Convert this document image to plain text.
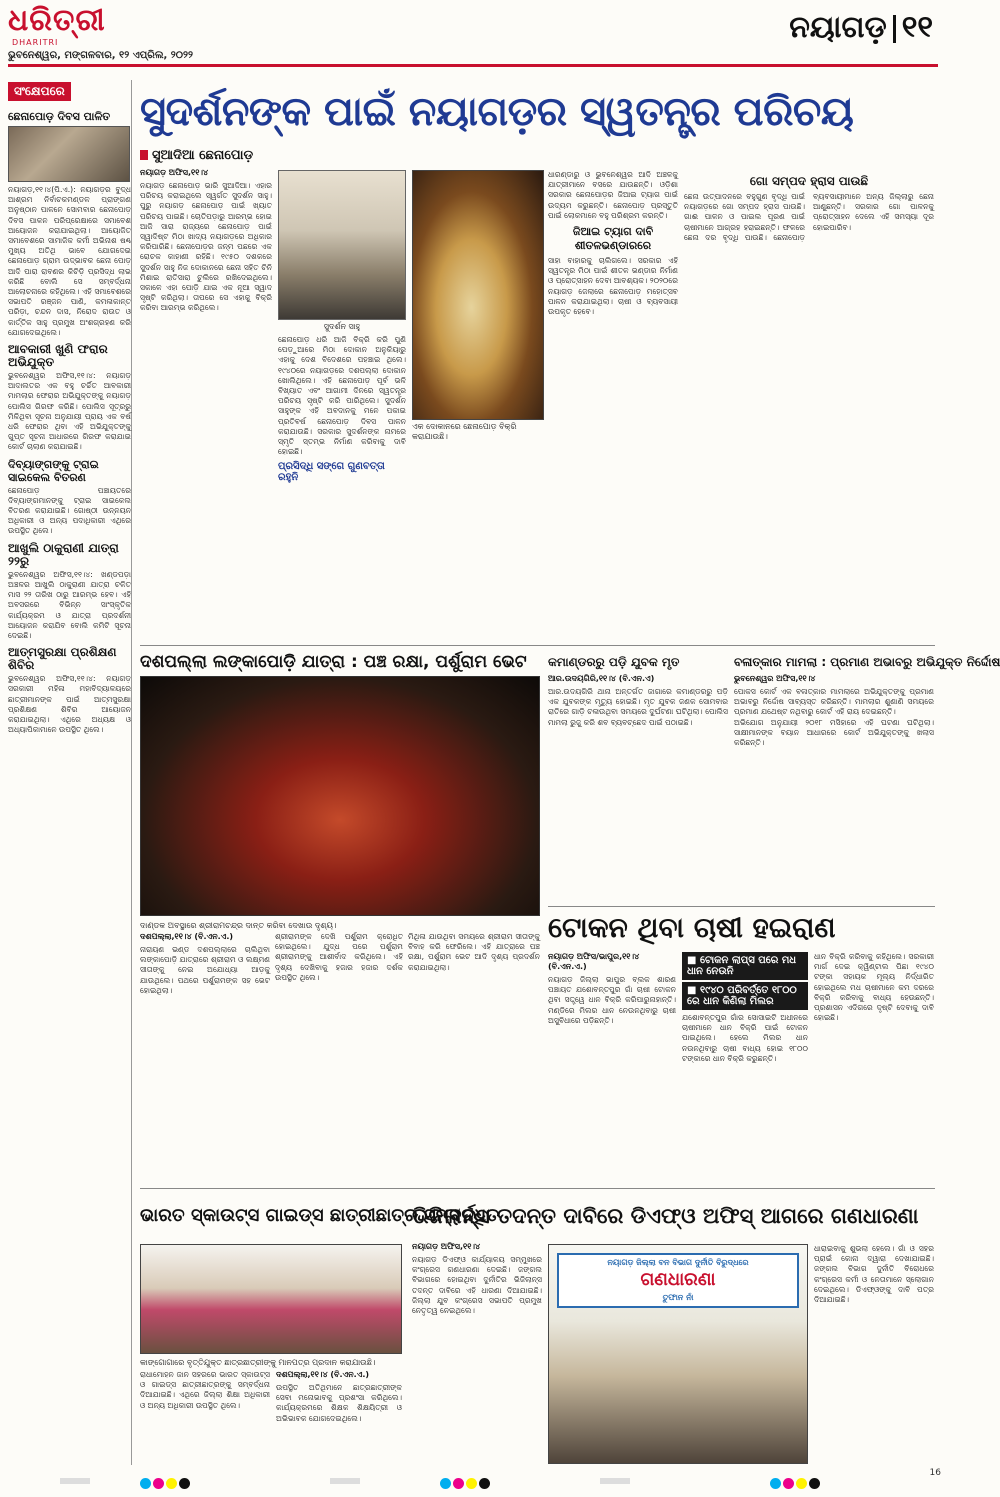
ଧରିତ୍ରୀ
DHARITRI
ଭୁବନେଶ୍ୱର, ମଙ୍ଗଳବାର, ୧୨ ଏପ୍ରିଲ, ୨୦୨୨
ନୟାଗଡ଼ ୧୧
ସଂକ୍ଷେପରେ
ଛେନାପୋଡ଼ ଦିବସ ପାଳିତ
ନୟାଗଡ଼,୧୧।୪(ପି.ଏ.): ନୟାଗଡ଼ର ବୁଦ୍ଧ ଆଶ୍ରମ ନିର୍ବାଚକମଣ୍ଡଳ ପ୍ରାଙ୍ଗଣ ଅନୁଷ୍ଠାନ ପାଳନେ ସୋମବାର ଛେନାପୋଡ଼ ଦିବସ ପାଳନ ପରିପ୍ରେକ୍ଷାରେ ସମାବେଶ ଆୟୋଜନ କରାଯାଇଥିଲା। ଆୟୋଜିତ ସମାବେଶରେ ସାମାଜିକ କର୍ମୀ ଅଭିନାଶ ଷଣ୍ଢ ମୁଖ୍ୟ ଅତିଥି ଭାବେ ଯୋଗଦେଇ ଛେନାପୋଡ଼ ଗ୍ରାମ ଉଦ୍ଭାବକ ଛେନା ପୋଡ଼ ଆଦି ପାରା ରାବଣର କିଚିଡ଼ି ପ୍ରସିଦ୍ଧ ଲାଭ କରିଛି ବୋଲି ସେ ସମ୍ବର୍ଦ୍ଧନା ଆଲୋଚନାରେ କହିଥିଲେ। ଏହି ସମାବେଶରେ ସଭାପତି ରଞ୍ଜନ ପାଣି, କମଳାକାନ୍ତ ପରିଡ଼ା, ଚନ୍ଦନ ଦାସ, ନିରୋଦ ରାଉତ ଓ କାର୍ତ୍ତିକ ସାହୁ ପ୍ରମୁଖ ଅଂଶଗ୍ରହଣ କରି ଯୋଗଦେଇଥିଲେ।
ଆବକାରୀ ଖୁଣି ଫରାର ଅଭିଯୁକ୍ତ
ଭୁବନେଶ୍ୱର ଅଫିସ,୧୧।୪: ନୟାଗଡ଼ ଆଦାଲତର ଏକ ବହୁ ଚର୍ଚ୍ଚିତ ଆବକାରୀ ମାମଲାର ଫେରାର ଅଭିଯୁକ୍ତଙ୍କୁ ନୟାଗଡ଼ ପୋଲିସ ଗିରଫ କରିଛି। ପୋଲିସ ସୂତ୍ରରୁ ମିଳିଥିବା ସୂଚନା ଅନୁଯାୟୀ ପ୍ରାୟ ଏକ ବର୍ଷ ଧରି ଫେରାର ଥିବା ଏହି ଅଭିଯୁକ୍ତଙ୍କୁ ଗୁପ୍ତ ସୂଚନା ଆଧାରରେ ଗିରଫ କରାଯାଇ କୋର୍ଟ ଚାଲାଣ କରାଯାଇଛି।
ଦିବ୍ୟାଙ୍ଗଙ୍କୁ ଟ୍ରାଇ ସାଇକେଲ ବିତରଣ
ଛେନାପୋଡ଼ ପଞ୍ଚାୟତରେ ଦିବ୍ୟାଙ୍ଗମାନଙ୍କୁ ଟ୍ରାଇ ସାଇକେଲ ବିତରଣ କରାଯାଇଛି। ଗୋଷ୍ଠୀ ଉନ୍ନୟନ ଅଧିକାରୀ ଓ ଅନ୍ୟ ପଦାଧିକାରୀ ଏଥିରେ ଉପସ୍ଥିତ ଥିଲେ।
ଆଖୁଲି ଠାକୁରାଣୀ ଯାତ୍ରା ୨୨ରୁ
ଭୁବନେଶ୍ୱର ଅଫିସ,୧୧।୪: ଖଣ୍ଡପଡ଼ା ଅଞ୍ଚଳର ଆଖୁଲି ଠାକୁରାଣୀ ଯାତ୍ରା ଚଳିତ ମାସ ୨୨ ତାରିଖ ଠାରୁ ଆରମ୍ଭ ହେବ। ଏହି ଅବସରରେ ବିଭିନ୍ନ ସାଂସ୍କୃତିକ କାର୍ଯ୍ୟକ୍ରମ ଓ ଯାତ୍ରା ପ୍ରଦର୍ଶନୀ ଆୟୋଜନ କରାଯିବ ବୋଲି କମିଟି ସୂଚନା ଦେଇଛି।
ଆତ୍ମସୁରକ୍ଷା ପ୍ରଶିକ୍ଷଣ ଶିବିର
ଭୁବନେଶ୍ୱର ଅଫିସ,୧୧।୪: ନୟାଗଡ଼ ସରକାରୀ ମହିଳା ମହାବିଦ୍ୟାଳୟରେ ଛାତ୍ରୀମାନଙ୍କ ପାଇଁ ଆତ୍ମସୁରକ୍ଷା ପ୍ରଶିକ୍ଷଣ ଶିବିର ଆୟୋଜନ କରାଯାଇଥିଲା। ଏଥିରେ ଅଧ୍ୟକ୍ଷ ଓ ଅଧ୍ୟାପିକାମାନେ ଉପସ୍ଥିତ ଥିଲେ।
ସୁଦର୍ଶନଙ୍କ ପାଇଁ ନୟାଗଡ଼ର ସ୍ୱତନ୍ତ୍ର ପରିଚୟ
ସୁଆଦିଆ ଛେନାପୋଡ଼
ନୟାଗଡ଼ ଅଫିସ,୧୧।୪
ନୟାଗଡ଼ ଛେନାପୋଡ଼ ଭାରି ସୁଆଦିଆ। ଏହାର ପରିଚୟ କରାଇଥିଲେ ସ୍ୱର୍ଗତ ସୁଦର୍ଶନ ସାହୁ। ପୁରୁ ନୟାଗଡ଼ ଛେନାପୋଡ଼ ପାଇଁ ଖ୍ୟାତ ପରିଚୟ ପାଇଛି। ଚୋତିପଡ଼ାରୁ ଆରମ୍ଭ ହୋଇ ଆଜି ସାରା ରାଜ୍ୟରେ ଛେନାପୋଡ଼ ପାଇଁ ସ୍ୱାଦିଷ୍ଟ ମିଠା ଖାଦ୍ୟ ନୟାଗଡ଼ରେ ଅଧିକାର କରିପାରିଛି। ଛେନାପୋଡ଼ର ଜନ୍ମ ପଛରେ ଏକ ରୋଚକ କାହାଣୀ ରହିଛି। ୧୯୫୦ ଦଶକରେ ସୁଦର୍ଶନ ସାହୁ ନିଜ ଦୋକାନରେ ଛେନା ସହିତ ଚିନି ମିଶାଇ ରାତିସାରା ଚୁଲିରେ ରଖିଦେଇଥିଲେ। ସକାଳେ ଏହା ପୋଡ଼ି ଯାଇ ଏକ ନୂଆ ସ୍ୱାଦ ସୃଷ୍ଟି କରିଥିଲା। ତାପରେ ସେ ଏହାକୁ ବିକ୍ରି କରିବା ଆରମ୍ଭ କରିଥିଲେ।
ସୁଦର୍ଶନ ସାହୁ
ଛେନାପୋଡ଼ ଧରି ଆଜି ବିକ୍ରି କରି ପୁଣି ପେଡ଼ୁଆରେ ମିଠା ଦୋକାନ ଅନୁକିୟାରୁ ଏହାକୁ ଦେଶ ବିଦେଶରେ ପହଞ୍ଚାଇ ଥିଲେ। ୧୯୪୦ରେ ନୟାଗଡ଼ରେ ଦଶପଲ୍ଲା ଦୋକାନ ଖୋଲିଥିଲେ। ଏହି ଛେନାପୋଡ଼ ପୂର୍ବ ଭଳି ବିଖ୍ୟାତ ଏବଂ ଆଗାମୀ ଦିନରେ ସ୍ୱତନ୍ତ୍ର ପରିଚୟ ସୃଷ୍ଟି କରି ପାରିଥିଲେ। ସୁଦର୍ଶନ ସାହୁଙ୍କ ଏହି ଅବଦାନକୁ ମନେ ପକାଇ ପ୍ରତିବର୍ଷ ଛେନାପୋଡ଼ ଦିବସ ପାଳନ କରାଯାଉଛି। ସରକାର ସୁଦର୍ଶନଙ୍କ ନାମରେ ସ୍ମୃତି ସ୍ତମ୍ଭ ନିର୍ମାଣ କରିବାକୁ ଦାବି ହୋଇଛି।
ପ୍ରସିଦ୍ଧି ସଙ୍ଗେ ଗୁଣବତ୍ତା ରହୁନି
ଏକ ଦୋକାନରେ ଛେନାପୋଡ଼ ବିକ୍ରି କରାଯାଉଛି।
ଧାରଣ୍ଡାରୁ ଓ ଭୁବନେଶ୍ୱର ଆଦି ଅଞ୍ଚଳକୁ ଯାତ୍ରୀମାନେ ବସରେ ଯାଉଛନ୍ତି। ଓଡ଼ିଶା ସରକାର ଛେନାପୋଡ଼ର ଜିଆଇ ଟ୍ୟାଗ ପାଇଁ ଉଦ୍ୟମ କରୁଛନ୍ତି। ଛେନାପୋଡ଼ ପ୍ରସ୍ତୁତି ପାଇଁ ଲୋକମାନେ ବହୁ ପରିଶ୍ରମ କରନ୍ତି।
ଜିଆଇ ଟ୍ୟାଗ ଦାବି ଶୀତଳଭଣ୍ଡାରରେ
ସାହା ବାହାରକୁ ଚାଲିଗଲେ। ସରକାର ଏହି ସ୍ୱତନ୍ତ୍ର ମିଠା ପାଇଁ ଶୀତଳ ଭଣ୍ଡାର ନିର୍ମାଣ ଓ ପ୍ରୋତ୍ସାହନ ଦେବା ଆବଶ୍ୟକ। ୨୦୨୦ରେ ନୟାଗଡ଼ ଜେଲାରେ ଛେନାପୋଡ଼ ମହୋତ୍ସବ ପାଳନ କରାଯାଇଥିଲା। ଚାଷୀ ଓ ବ୍ୟବସାୟୀ ଉପକୃତ ହେବେ।
ଗୋ ସମ୍ପଦ ହ୍ରାସ ପାଉଛି
ଛେନା ଉତ୍ପାଦନରେ ବହୁଗୁଣ ବୃଦ୍ଧି ପାଇଁ ନୟାଗଡ଼ରେ ଗୋ ସମ୍ପଦ ହ୍ରାସ ପାଉଛି। ଗାଈ ପାଳନ ଓ ପାଇଲ ପୂରଣ ପାଇଁ ଚାଷୀମାନେ ଆଗ୍ରହ ହରାଇଛନ୍ତି। ଫଳରେ ଛେନା ଦର ବୃଦ୍ଧି ପାଉଛି। ଛେନାପୋଡ଼ ବ୍ୟବସାୟୀମାନେ ଅନ୍ୟ ଜିଲ୍ଲାରୁ ଛେନା ଆଣୁଛନ୍ତି। ସରକାର ଗୋ ପାଳନକୁ ପ୍ରୋତ୍ସାହନ ଦେଲେ ଏହି ସମସ୍ୟା ଦୂର ହୋଇପାରିବ।
ଦଶପଲ୍ଲା ଲଙ୍କାପୋଡ଼ି ଯାତ୍ରା : ପଞ୍ଚ ରକ୍ଷା, ପର୍ଶୁରାମ ଭେଟ
ଦାଣ୍ଡକ ଅବସ୍ଥାରେ ଶ୍ରୀରାମଚନ୍ଦ୍ର ଦାନ୍ତ କରିବା ଦେଖାଉ ଦୃଶ୍ୟ।
ଦଶପଲ୍ଲା,୧୧।୪ (ବି.ଏନ.ଏ.)
ନାରାୟଣ ଭଣ୍ଡ ଦଶପଲ୍ଲାରେ ଚାଲିଥିବା ଲଙ୍କାପୋଡ଼ି ଯାତ୍ରାରେ ଶ୍ରୀରାମ ଓ ଲକ୍ଷ୍ମଣ ସୀତାଙ୍କୁ ନେଇ ଅଯୋଧ୍ୟା ଆଡ଼କୁ ଯାଉଥିଲେ। ପଥରେ ପର୍ଶୁରାମଙ୍କ ସହ ଭେଟ ହୋଇଥିଲା।
ଶ୍ରୀରାମଙ୍କ ଦେଖି ପର୍ଶୁରାମ କ୍ରୋଧିତ ହୋଇଥିଲେ। ଯୁଦ୍ଧ ପରେ ପର୍ଶୁରାମ ଶ୍ରୀରାମଙ୍କୁ ଆଶୀର୍ବାଦ କରିଥିଲେ। ଏହି ଦୃଶ୍ୟ ଦେଖିବାକୁ ହଜାର ହଜାର ଦର୍ଶକ ଉପସ୍ଥିତ ଥିଲେ।
ମିଥିଳା ଯାଉଥିବା ସମୟରେ ଶ୍ରୀରାମ ସୀତାଙ୍କୁ ବିବାହ କରି ଫେରିଲେ। ଏହି ଯାତ୍ରାରେ ପଞ୍ଚ ରକ୍ଷା, ପର୍ଶୁରାମ ଭେଟ ଆଦି ଦୃଶ୍ୟ ପ୍ରଦର୍ଶନ କରାଯାଇଥିଲା।
କମାଣ୍ଡରରୁ ପଡ଼ି ଯୁବକ ମୃତ
ଆର.ଉଦୟଗିରି,୧୧।୪ (ବି.ଏନ.ଏ)
ଆର.ଉଦୟଗିରି ଥାନା ଅନ୍ତର୍ଗତ ଜାଗାରେ କମାଣ୍ଡରରୁ ପଡ଼ି ଏକ ଯୁବକଙ୍କ ମୃତ୍ୟୁ ହୋଇଛି। ମୃତ ଯୁବକ ଜଣକ ସୋମବାର ରାତିରେ ଗାଡ଼ି ଚଳାଉଥିବା ସମୟରେ ଦୁର୍ଘଟଣା ଘଟିଥିଲା। ପୋଲିସ ମାମଲା ରୁଜୁ କରି ଶବ ବ୍ୟବଚ୍ଛେଦ ପାଇଁ ପଠାଇଛି।
ବଳାତ୍କାର ମାମଲା : ପ୍ରମାଣ ଅଭାବରୁ ଅଭିଯୁକ୍ତ ନିର୍ଦ୍ଦୋଷ
ଭୁବନେଶ୍ୱର ଅଫିସ,୧୧।୪
ପୋକସ କୋର୍ଟ ଏକ ବଳାତ୍କାର ମାମଲାରେ ଅଭିଯୁକ୍ତଙ୍କୁ ପ୍ରମାଣ ଅଭାବରୁ ନିର୍ଦ୍ଦୋଷ ସାବ୍ୟସ୍ତ କରିଛନ୍ତି। ମାମଲାର ଶୁଣାଣି ସମୟରେ ପ୍ରମାଣ ଯଥେଷ୍ଟ ନଥିବାରୁ କୋର୍ଟ ଏହି ରାୟ ଦେଇଛନ୍ତି।
ଅଭିଯୋଗ ଅନୁଯାୟୀ ୨୦୧୮ ମସିହାରେ ଏହି ଘଟଣା ଘଟିଥିଲା। ସାକ୍ଷୀମାନଙ୍କ ବୟାନ ଆଧାରରେ କୋର୍ଟ ଅଭିଯୁକ୍ତଙ୍କୁ ଖଲାସ କରିଛନ୍ତି।
ଟୋକନ ଥିବା ଚାଷୀ ହଇରାଣ
ନୟାଗଡ଼ ଅଫିସ/ଭାପୁର,୧୧।୪ (ବି.ଏନ.ଏ.)
ନୟାଗଡ଼ ଜିଲ୍ଲା ଭାପୁର ବ୍ଲକ ଶାରଣ ପଞ୍ଚାୟତ ଯଶୋବନ୍ତପୁର ଗାଁ ଚାଷୀ ଟୋକନ ଥିବା ସତ୍ତ୍ୱେ ଧାନ ବିକ୍ରି କରିପାରୁନାହାନ୍ତି। ମଣ୍ଡିରେ ମିଲର ଧାନ ନେଉନଥିବାରୁ ଚାଷୀ ଅସୁବିଧାରେ ପଡ଼ିଛନ୍ତି।
■ ଟୋକନ ଲାପ୍ସ ପରେ ମଧ ଧାନ ନେଉନି
■ ୧୯୪୦ ପରିବର୍ତ୍ତେ ୧୮୦୦ ରେ ଧାନ କିଣିଲା ମିଲର
ଯଶୋବନ୍ତପୁର ଗାଁର ସୋସାଇଟି ଅଧୀନରେ ଚାଷୀମାନେ ଧାନ ବିକ୍ରି ପାଇଁ ଟୋକନ ପାଇଥିଲେ। ହେଲେ ମିଲର ଧାନ ନଉନଥିବାରୁ ଚାଷୀ ବାଧ୍ୟ ହୋଇ ୧୮୦୦ ଟଙ୍କାରେ ଧାନ ବିକ୍ରି କରୁଛନ୍ତି।
ଧାନ ବିକ୍ରି କରିବାକୁ କହିଥିଲେ। ସରକାରୀ ମାର୍ଗ ଦେଇ କ୍ୱିଣ୍ଟାଲ ପିଛା ୧୯୪୦ ଟଙ୍କା ସହାୟକ ମୂଲ୍ୟ ନିର୍ଦ୍ଧାରିତ ହୋଇଥିଲେ ମଧ ଚାଷୀମାନେ କମ ଦରରେ ବିକ୍ରି କରିବାକୁ ବାଧ୍ୟ ହେଉଛନ୍ତି। ପ୍ରଶାସନ ଏଦିଗରେ ଦୃଷ୍ଟି ଦେବାକୁ ଦାବି ହୋଇଛି।
ଭାରତ ସ୍କାଉଟ୍ସ ଗାଇଡ୍ସ ଛାତ୍ରୀଛାତ୍ର ସମ୍ବର୍ଦ୍ଧିତ
କାଙ୍ଗୋଗାରେ ବୃତ୍ତିଯୁକ୍ତ ଛାତ୍ରଛାତ୍ରୀଙ୍କୁ ମାନପତ୍ର ପ୍ରଦାନ କରାଯାଉଛି।
ରାଧାମୋହନ ଜାନ ସହରରେ ଭାରତ ସ୍କାଉଟ୍ସ ଓ ଗାଇଡ୍ସ ଛାତ୍ରୀଛାତ୍ରଙ୍କୁ ସମ୍ବର୍ଦ୍ଧନା ଦିଆଯାଇଛି। ଏଥିରେ ଜିଲ୍ଲା ଶିକ୍ଷା ଅଧିକାରୀ ଓ ଅନ୍ୟ ଅଧିକାରୀ ଉପସ୍ଥିତ ଥିଲେ।
ଦଶପଲ୍ଲା,୧୧।୪ (ବି.ଏନ.ଏ.)
ଉପସ୍ଥିତ ଅତିଥିମାନେ ଛାତ୍ରଛାତ୍ରୀଙ୍କ ସେବା ମନୋଭାବକୁ ପ୍ରଶଂସା କରିଥିଲେ। କାର୍ଯ୍ୟକ୍ରମରେ ଶିକ୍ଷକ ଶିକ୍ଷୟିତ୍ରୀ ଓ ଅଭିଭାବକ ଯୋଗଦେଇଥିଲେ।
ଭିଜିଲାନ୍ସ ତଦନ୍ତ ଦାବିରେ ଡିଏଫ୍‌ଓ ଅଫିସ୍ ଆଗରେ ଗଣଧାରଣା
ନୟାଗଡ଼ ଅଫିସ,୧୧।୪
ନୟାଗଡ଼ ଡିଏଫ୍‌ଓ କାର୍ଯ୍ୟାଳୟ ସମ୍ମୁଖରେ କଂଗ୍ରେସ ଗଣଧାରଣା ଦେଇଛି। ଜଙ୍ଗଲ ବିଭାଗରେ ହୋଇଥିବା ଦୁର୍ନୀତିର ଭିଜିଲାନ୍ସ ତଦନ୍ତ ଦାବିରେ ଏହି ଧାରଣା ଦିଆଯାଇଛି। ଜିଲ୍ଲା ଯୁବ କଂଗ୍ରେସ ସଭାପତି ପ୍ରମୁଖ ନେତୃତ୍ୱ ନେଇଥିଲେ।
ନୟାଗଡ଼ ଜିଲ୍ଲା ବନ ବିଭାଗ ଦୁର୍ନୀତି ବିରୁଦ୍ଧରେ
ଗଣଧାରଣା
ତୁଫାନ ନାଁ
ଧାରାଇବାକୁ ଶୁଭଲା ହେଲେ। ଗାଁ ଓ ସହର ପ୍ରାଇଁ କୋନା ଦ୍ୱାରା ଦେଖାଯାଇଛି। ଜଙ୍ଗଲ ବିଭାଗ ଦୁର୍ନୀତି ବିରୋଧରେ କଂଗ୍ରେସ କର୍ମୀ ଓ ନେତାମାନେ ସ୍ଲୋଗାନ ଦେଇଥିଲେ। ଡିଏଫ୍‌ଓଙ୍କୁ ଦାବି ପତ୍ର ଦିଆଯାଇଛି।
16
